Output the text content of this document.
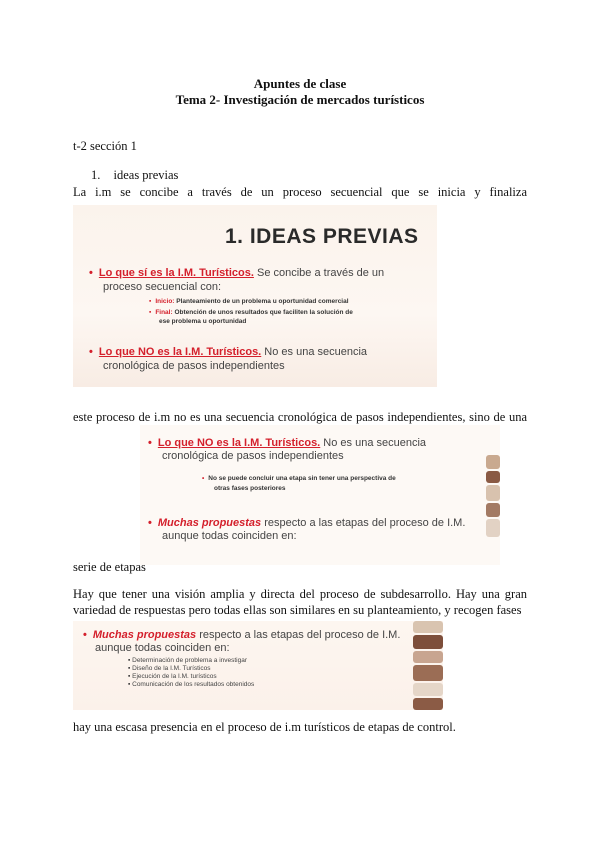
Apuntes de clase
Tema 2- Investigación de mercados turísticos
t-2 sección 1
1. ideas previas
La i.m se concibe a través de un proceso secuencial que se inicia y finaliza
1. IDEAS PREVIAS
• Lo que sí es la I.M. Turísticos. Se concibe a través de un
proceso secuencial con:
▪ Inicio: Planteamiento de un problema u oportunidad comercial
▪ Final: Obtención de unos resultados que faciliten la solución de
ese problema u oportunidad
• Lo que NO es la I.M. Turísticos. No es una secuencia
cronológica de pasos independientes
este proceso de i.m no es una secuencia cronológica de pasos independientes, sino de una
• Lo que NO es la I.M. Turísticos. No es una secuencia
cronológica de pasos independientes
• No se puede concluir una etapa sin tener una perspectiva de
otras fases posteriores
• Muchas propuestas respecto a las etapas del proceso de I.M.
aunque todas coinciden en:
serie de etapas
Hay que tener una visión amplia y directa del proceso de subdesarrollo. Hay una gran
variedad de respuestas pero todas ellas son similares en su planteamiento, y recogen fases
• Muchas propuestas respecto a las etapas del proceso de I.M.
aunque todas coinciden en:
▪ Determinación de problema a investigar
▪ Diseño de la I.M. Turísticos
▪ Ejecución de la I.M. turísticos
▪ Comunicación de los resultados obtenidos
hay una escasa presencia en el proceso de i.m turísticos de etapas de control.
